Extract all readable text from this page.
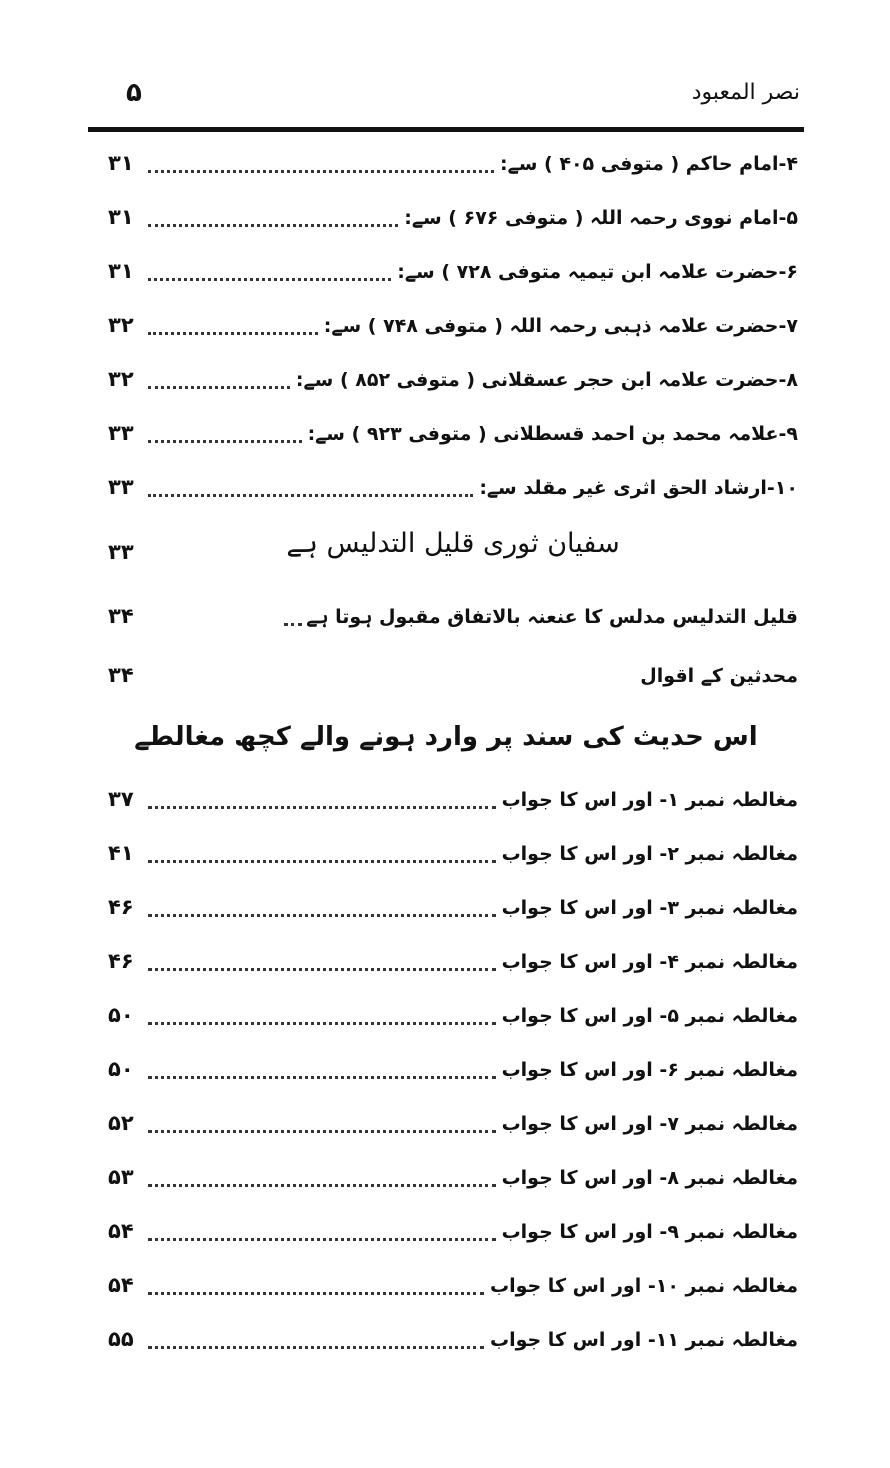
۵	نصر المعبود
۴-امام حاکم ( متوفی ۴۰۵ ) سے:
۳۱
۵-امام نووی رحمہ اللہ ( متوفی ۶۷۶ ) سے:
۳۱
۶-حضرت علامہ ابن تیمیہ متوفی ۷۲۸ ) سے:
۳۱
۷-حضرت علامہ ذہبی رحمہ اللہ ( متوفی ۷۴۸ ) سے:
۳۲
۸-حضرت علامہ ابن حجر عسقلانی ( متوفی ۸۵۲ ) سے:
۳۲
۹-علامہ محمد بن احمد قسطلانی ( متوفی ۹۲۳ ) سے:
۳۳
۱۰-ارشاد الحق اثری غیر مقلد سے:
۳۳
سفیان ثوری قلیل التدلیس ہے
۳۳
قلیل التدلیس مدلس کا عنعنہ بالاتفاق مقبول ہوتا ہے
۳۴
محدثین کے اقوال
۳۴
اس حدیث کی سند پر وارد ہونے والے کچھ مغالطے
مغالطہ نمبر ۱- اور اس کا جواب
۳۷
مغالطہ نمبر ۲- اور اس کا جواب
۴۱
مغالطہ نمبر ۳- اور اس کا جواب
۴۶
مغالطہ نمبر ۴- اور اس کا جواب
۴۶
مغالطہ نمبر ۵- اور اس کا جواب
۵۰
مغالطہ نمبر ۶- اور اس کا جواب
۵۰
مغالطہ نمبر ۷- اور اس کا جواب
۵۲
مغالطہ نمبر ۸- اور اس کا جواب
۵۳
مغالطہ نمبر ۹- اور اس کا جواب
۵۴
مغالطہ نمبر ۱۰- اور اس کا جواب
۵۴
مغالطہ نمبر ۱۱- اور اس کا جواب
۵۵
